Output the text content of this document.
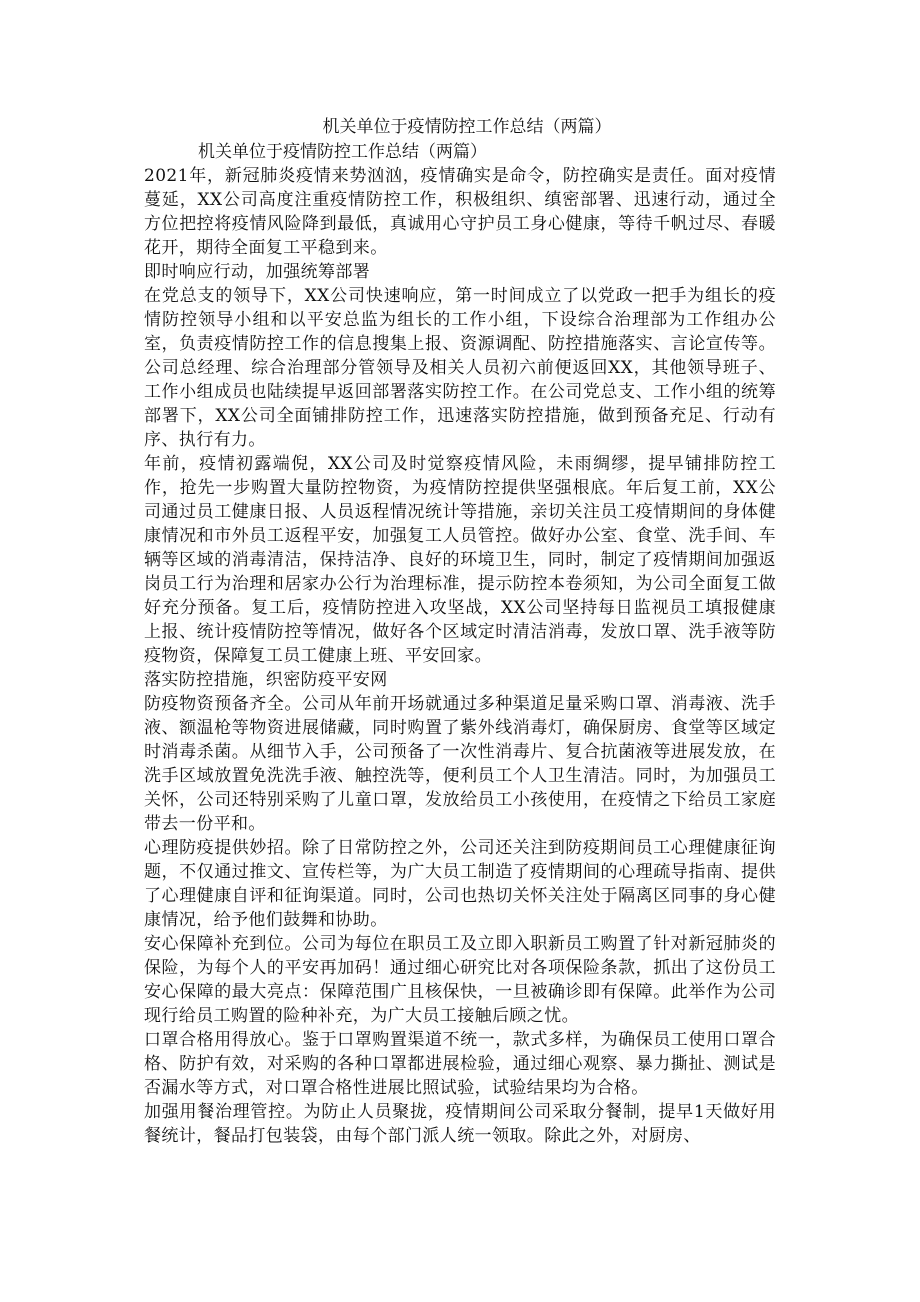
机关单位于疫情防控工作总结（两篇）

机关单位于疫情防控工作总结（两篇）

2021年，新冠肺炎疫情来势汹汹，疫情确实是命令，防控确实是责任。面对疫情蔓延，XX公司高度注重疫情防控工作，积极组织、缜密部署、迅速行动，通过全方位把控将疫情风险降到最低，真诚用心守护员工身心健康，等待千帆过尽、春暖花开，期待全面复工平稳到来。

即时响应行动，加强统筹部署

在党总支的领导下，XX公司快速响应，第一时间成立了以党政一把手为组长的疫情防控领导小组和以平安总监为组长的工作小组，下设综合治理部为工作组办公室，负责疫情防控工作的信息搜集上报、资源调配、防控措施落实、言论宣传等。公司总经理、综合治理部分管领导及相关人员初六前便返回XX，其他领导班子、工作小组成员也陆续提早返回部署落实防控工作。在公司党总支、工作小组的统筹部署下，XX公司全面铺排防控工作，迅速落实防控措施，做到预备充足、行动有序、执行有力。

年前，疫情初露端倪，XX公司及时觉察疫情风险，未雨绸缪，提早铺排防控工作，抢先一步购置大量防控物资，为疫情防控提供坚强根底。年后复工前，XX公司通过员工健康日报、人员返程情况统计等措施，亲切关注员工疫情期间的身体健康情况和市外员工返程平安，加强复工人员管控。做好办公室、食堂、洗手间、车辆等区域的消毒清洁，保持洁净、良好的环境卫生，同时，制定了疫情期间加强返岗员工行为治理和居家办公行为治理标准，提示防控本卷须知，为公司全面复工做好充分预备。复工后，疫情防控进入攻坚战，XX公司坚持每日监视员工填报健康上报、统计疫情防控等情况，做好各个区域定时清洁消毒，发放口罩、洗手液等防疫物资，保障复工员工健康上班、平安回家。

落实防控措施，织密防疫平安网

防疫物资预备齐全。公司从年前开场就通过多种渠道足量采购口罩、消毒液、洗手液、额温枪等物资进展储藏，同时购置了紫外线消毒灯，确保厨房、食堂等区域定时消毒杀菌。从细节入手，公司预备了一次性消毒片、复合抗菌液等进展发放，在洗手区域放置免洗洗手液、触控洗等，便利员工个人卫生清洁。同时，为加强员工关怀，公司还特别采购了儿童口罩，发放给员工小孩使用，在疫情之下给员工家庭带去一份平和。

心理防疫提供妙招。除了日常防控之外，公司还关注到防疫期间员工心理健康征询题，不仅通过推文、宣传栏等，为广大员工制造了疫情期间的心理疏导指南、提供了心理健康自评和征询渠道。同时，公司也热切关怀关注处于隔离区同事的身心健康情况，给予他们鼓舞和协助。

安心保障补充到位。公司为每位在职员工及立即入职新员工购置了针对新冠肺炎的保险，为每个人的平安再加码！通过细心研究比对各项保险条款，抓出了这份员工安心保障的最大亮点：保障范围广且核保快，一旦被确诊即有保障。此举作为公司现行给员工购置的险种补充，为广大员工接触后顾之忧。

口罩合格用得放心。鉴于口罩购置渠道不统一，款式多样，为确保员工使用口罩合格、防护有效，对采购的各种口罩都进展检验，通过细心观察、暴力撕扯、测试是否漏水等方式，对口罩合格性进展比照试验，试验结果均为合格。

加强用餐治理管控。为防止人员聚拢，疫情期间公司采取分餐制，提早1天做好用餐统计，餐品打包装袋，由每个部门派人统一领取。除此之外，对厨房、
